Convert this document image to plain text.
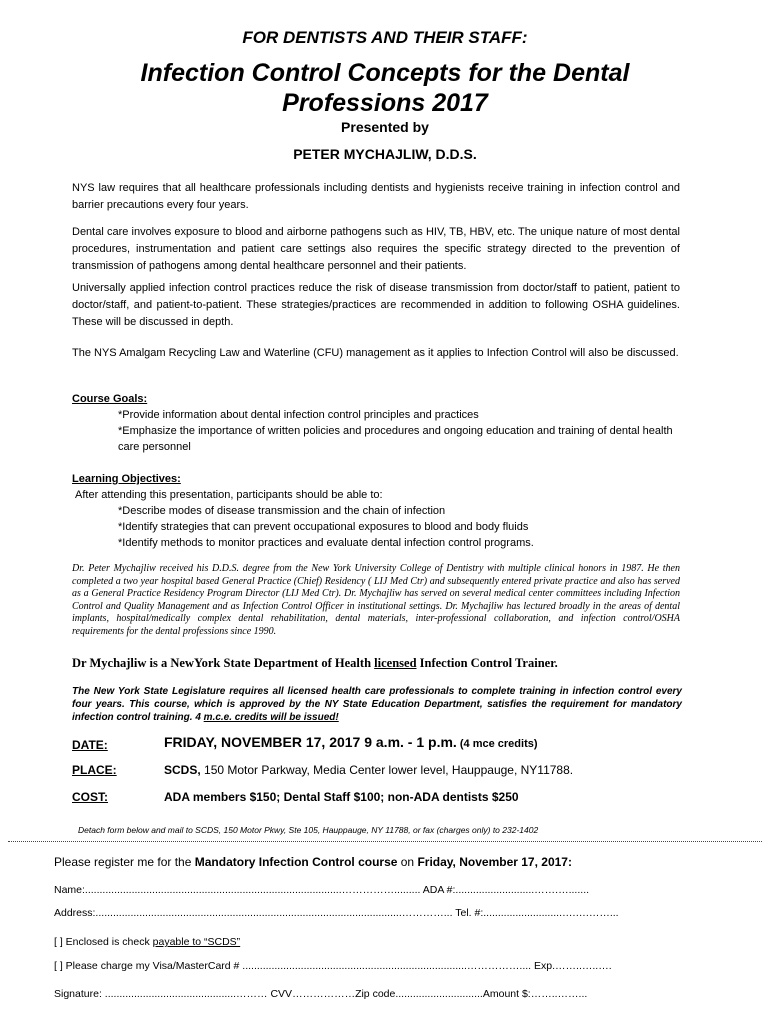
FOR DENTISTS AND THEIR STAFF:
Infection Control Concepts for the Dental
Professions 2017
Presented by
PETER MYCHAJLIW, D.D.S.
NYS law requires that all healthcare professionals including dentists and hygienists receive training in infection control and barrier precautions every four years.
Dental care involves exposure to blood and airborne pathogens such as HIV, TB, HBV, etc. The unique nature of most dental procedures, instrumentation and patient care settings also requires the specific strategy directed to the prevention of transmission of pathogens among dental healthcare personnel and their patients.
Universally applied infection control practices reduce the risk of disease transmission from doctor/staff to patient, patient to doctor/staff, and patient-to-patient. These strategies/practices are recommended in addition to following OSHA guidelines. These will be discussed in depth.
The NYS Amalgam Recycling Law and Waterline (CFU) management as it applies to Infection Control will also be discussed.
Course Goals:
*Provide information about dental infection control principles and practices
*Emphasize the importance of written policies and procedures and ongoing education and training of dental health care personnel
Learning Objectives:
After attending this presentation, participants should be able to:
*Describe modes of disease transmission and the chain of infection
*Identify strategies that can prevent occupational exposures to blood and body fluids
*Identify methods to monitor practices and evaluate dental infection control programs.
Dr. Peter Mychajliw received his D.D.S. degree from the New York University College of Dentistry with multiple clinical honors in 1987. He then completed a two year hospital based General Practice (Chief) Residency ( LIJ Med Ctr) and subsequently entered private practice and also has served as a General Practice Residency Program Director (LIJ Med Ctr). Dr. Mychajliw has served on several medical center committees including Infection Control and Quality Management and as Infection Control Officer in institutional settings. Dr. Mychajliw has lectured broadly in the areas of dental implants, hospital/medically complex dental rehabilitation, dental materials, inter-professional collaboration, and infection control/OSHA requirements for the dental professions since 1990.
Dr Mychajliw is a NewYork State Department of Health licensed Infection Control Trainer.
The New York State Legislature requires all licensed health care professionals to complete training in infection control every four years. This course, which is approved by the NY State Education Department, satisfies the requirement for mandatory infection control training. 4 m.c.e. credits will be issued!
DATE:	FRIDAY, NOVEMBER 17, 2017 9 a.m. - 1 p.m. (4 mce credits)
PLACE:	SCDS, 150 Motor Parkway, Media Center lower level, Hauppauge, NY11788.
COST:	ADA members $150; Dental Staff $100; non-ADA dentists $250
Detach form below and mail to SCDS, 150 Motor Pkwy, Ste 105, Hauppauge, NY 11788, or fax (charges only) to 232-1402
Please register me for the Mandatory Infection Control course on Friday, November 17, 2017:
Name:........................................................................................……………......... ADA #:...........................…….….......
Address:.........................................................................................................…………... Tel. #:...........................….….……...
[ ] Enclosed is check payable to “SCDS”
[ ] Please charge my Visa/MasterCard # .............................................................................…………….... Exp.……..…..….
Signature: .............................................……… CVV………………Zip code..............................Amount $:……..……...
